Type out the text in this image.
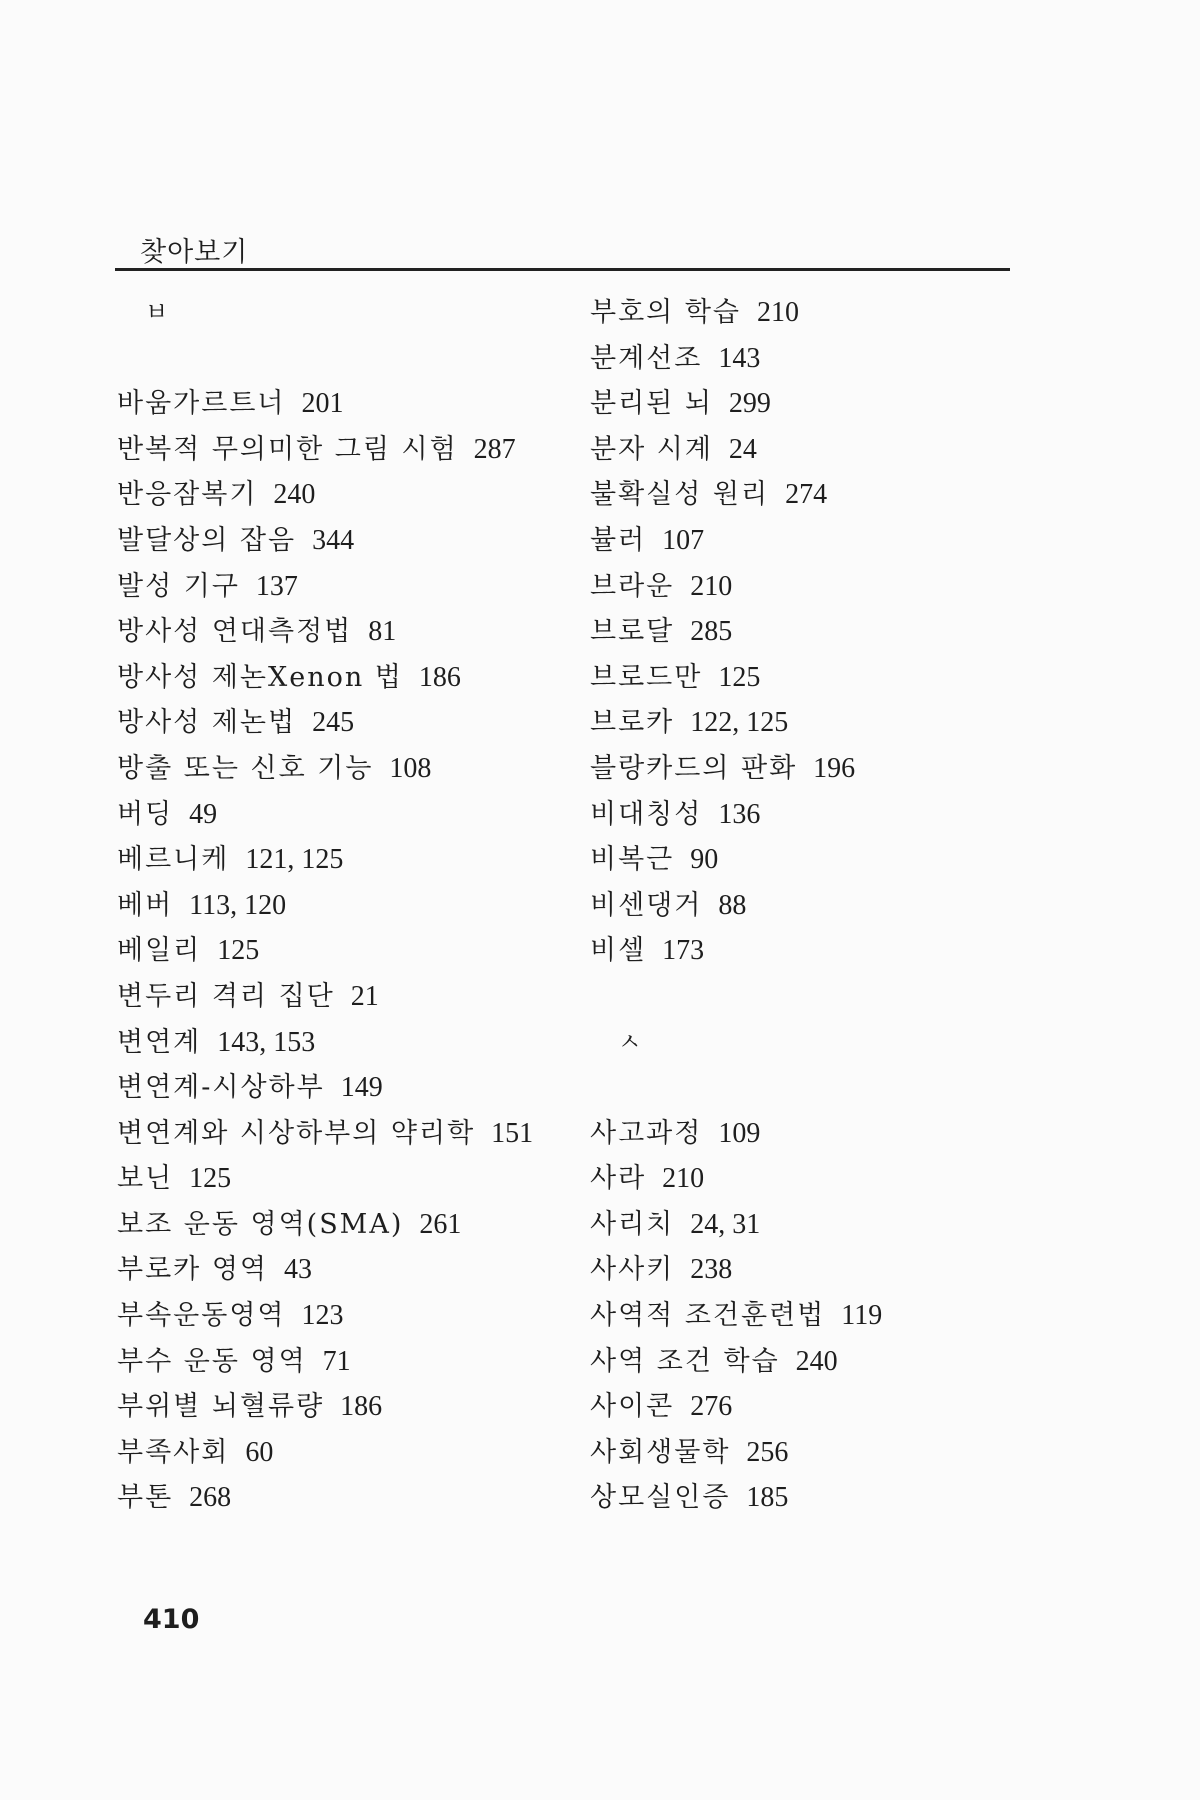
찾아보기
ㅂ
바움가르트너 201
반복적 무의미한 그림 시험 287
반응잠복기 240
발달상의 잡음 344
발성 기구 137
방사성 연대측정법 81
방사성 제논Xenon 법 186
방사성 제논법 245
방출 또는 신호 기능 108
버딩 49
베르니케 121, 125
베버 113, 120
베일리 125
변두리 격리 집단 21
변연계 143, 153
변연계-시상하부 149
변연계와 시상하부의 약리학 151
보닌 125
보조 운동 영역(SMA) 261
부로카 영역 43
부속운동영역 123
부수 운동 영역 71
부위별 뇌혈류량 186
부족사회 60
부톤 268
부호의 학습 210
분계선조 143
분리된 뇌 299
분자 시계 24
불확실성 원리 274
뷸러 107
브라운 210
브로달 285
브로드만 125
브로카 122, 125
블랑카드의 판화 196
비대칭성 136
비복근 90
비센댕거 88
비셀 173
ㅅ
사고과정 109
사라 210
사리치 24, 31
사사키 238
사역적 조건훈련법 119
사역 조건 학습 240
사이콘 276
사회생물학 256
상모실인증 185
410
